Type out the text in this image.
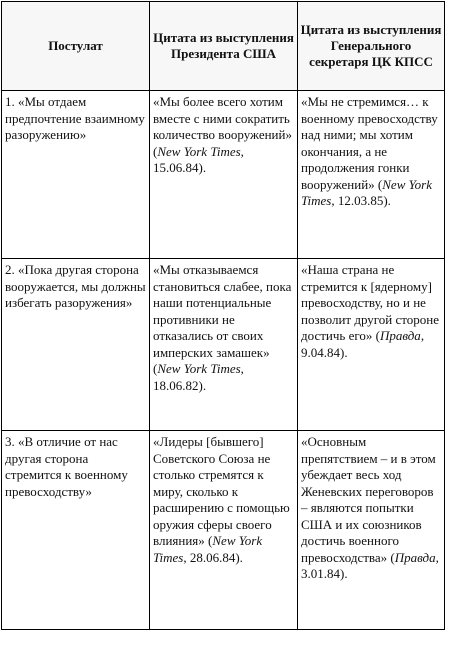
Постулат	Цитата из выступления Президента США	Цитата из выступления Генерального секретаря ЦК КПСС
1. «Мы отдаем предпочтение взаимному разоружению»	«Мы более всего хотим вместе с ними сократить количество вооружений» (New York Times, 15.06.84).	«Мы не стремимся… к военному превосходству над ними; мы хотим окончания, а не продолжения гонки вооружений» (New York Times, 12.03.85).
2. «Пока другая сторона вооружается, мы должны избегать разоружения»	«Мы отказываемся становиться слабее, пока наши потенциальные противники не отказались от своих имперских замашек» (New York Times, 18.06.82).	«Наша страна не стремится к [ядерному] превосходству, но и не позволит другой стороне достичь его» (Правда, 9.04.84).
3. «В отличие от нас другая сторона стремится к военному превосходству»	«Лидеры [бывшего] Советского Союза не столько стремятся к миру, сколько к расширению с помощью оружия сферы своего влияния» (New York Times, 28.06.84).	«Основным препятствием – и в этом убеждает весь ход Женевских переговоров – являются попытки США и их союзников достичь военного превосходства» (Правда, 3.01.84).
